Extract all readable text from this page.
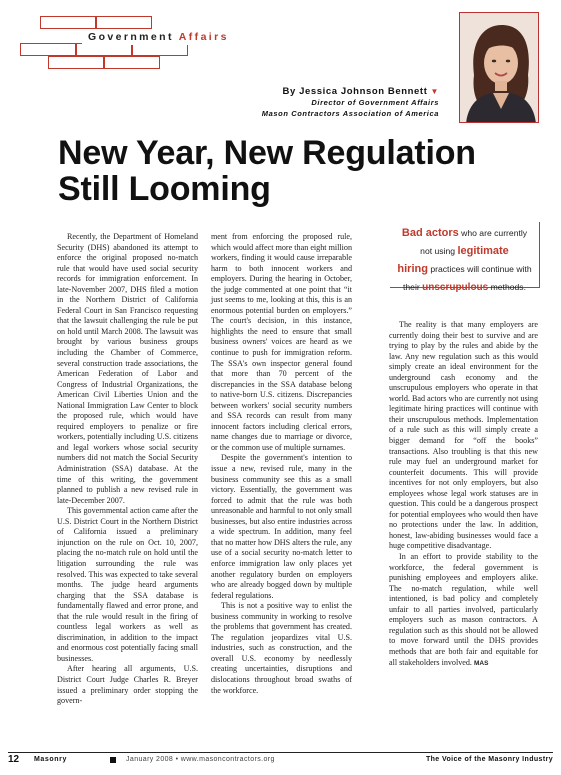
Government Affairs
By Jessica Johnson Bennett ▼
Director of Government Affairs
Mason Contractors Association of America
New Year, New Regulation
Still Looming

Recently, the Department of Homeland Security (DHS) abandoned its attempt to enforce the original proposed no-match rule that would have used social security records for immigration enforcement. In late-November 2007, DHS filed a motion in the Northern District of California Federal Court in San Francisco requesting that the lawsuit challenging the rule be put on hold until March 2008. The lawsuit was brought by various business groups including the Chamber of Commerce, several construction trade associations, the American Federation of Labor and Congress of Industrial Organizations, the American Civil Liberties Union and the National Immigration Law Center to block the proposed rule, which would have required employers to penalize or fire workers, potentially including U.S. citizens and legal workers whose social security numbers did not match the Social Security Administration (SSA) database. At the time of this writing, the government planned to publish a new revised rule in late-December 2007.

This governmental action came after the U.S. District Court in the Northern District of California issued a preliminary injunction on the rule on Oct. 10, 2007, placing the no-match rule on hold until the litigation surrounding the rule was resolved. This was expected to take several months. The judge heard arguments charging that the SSA database is fundamentally flawed and error prone, and that the rule would result in the firing of countless legal workers as well as discrimination, in addition to the impact and enormous cost potentially facing small businesses.

After hearing all arguments, U.S. District Court Judge Charles R. Breyer issued a preliminary order stopping the govern-

ment from enforcing the proposed rule, which would affect more than eight million workers, finding it would cause irreparable harm to both innocent workers and employers. During the hearing in October, the judge commented at one point that “it just seems to me, looking at this, this is an enormous potential burden on employers.” The court's decision, in this instance, highlights the need to ensure that small business owners' voices are heard as we continue to push for immigration reform. The SSA's own inspector general found that more than 70 percent of the discrepancies in the SSA database belong to native-born U.S. citizens. Discrepancies between workers' social security numbers and SSA records can result from many innocent factors including clerical errors, name changes due to marriage or divorce, or the common use of multiple surnames.

Despite the government's intention to issue a new, revised rule, many in the business community see this as a small victory. Essentially, the government was forced to admit that the rule was both unreasonable and harmful to not only small businesses, but also entire industries across a wide spectrum. In addition, many feel that no matter how DHS alters the rule, any use of a social security no-match letter to enforce immigration law only places yet another regulatory burden on employers who are already bogged down by multiple federal regulations.

This is not a positive way to enlist the business community in working to resolve the problems that government has created. The regulation jeopardizes vital U.S. industries, such as construction, and the overall U.S. economy by needlessly creating uncertainties, disruptions and dislocations throughout broad swaths of the workforce.

Bad actors who are currently
not using legitimate
hiring practices will continue with
their unscrupulous methods.

The reality is that many employers are currently doing their best to survive and are trying to play by the rules and abide by the law. Any new regulation such as this would simply create an ideal environment for the underground cash economy and the unscrupulous employers who operate in that world. Bad actors who are currently not using legitimate hiring practices will continue with their unscrupulous methods. Implementation of a rule such as this will simply create a bigger demand for “off the books” transactions. Also troubling is that this new rule may fuel an underground market for counterfeit documents. This will provide incentives for not only employers, but also employees whose legal work statuses are in question. This could be a dangerous prospect for potential employees who would then have no protections under the law. In addition, honest, law-abiding businesses would face a huge competitive disadvantage.

In an effort to provide stability to the workforce, the federal government is punishing employees and employers alike. The no-match regulation, while well intentioned, is bad policy and completely unfair to all parties involved, particularly employers such as mason contractors. A regulation such as this should not be allowed to move forward until the DHS provides methods that are both fair and equitable for all stakeholders involved. MAS

12 Masonry	January 2008 • www.masoncontractors.org	The Voice of the Masonry Industry
